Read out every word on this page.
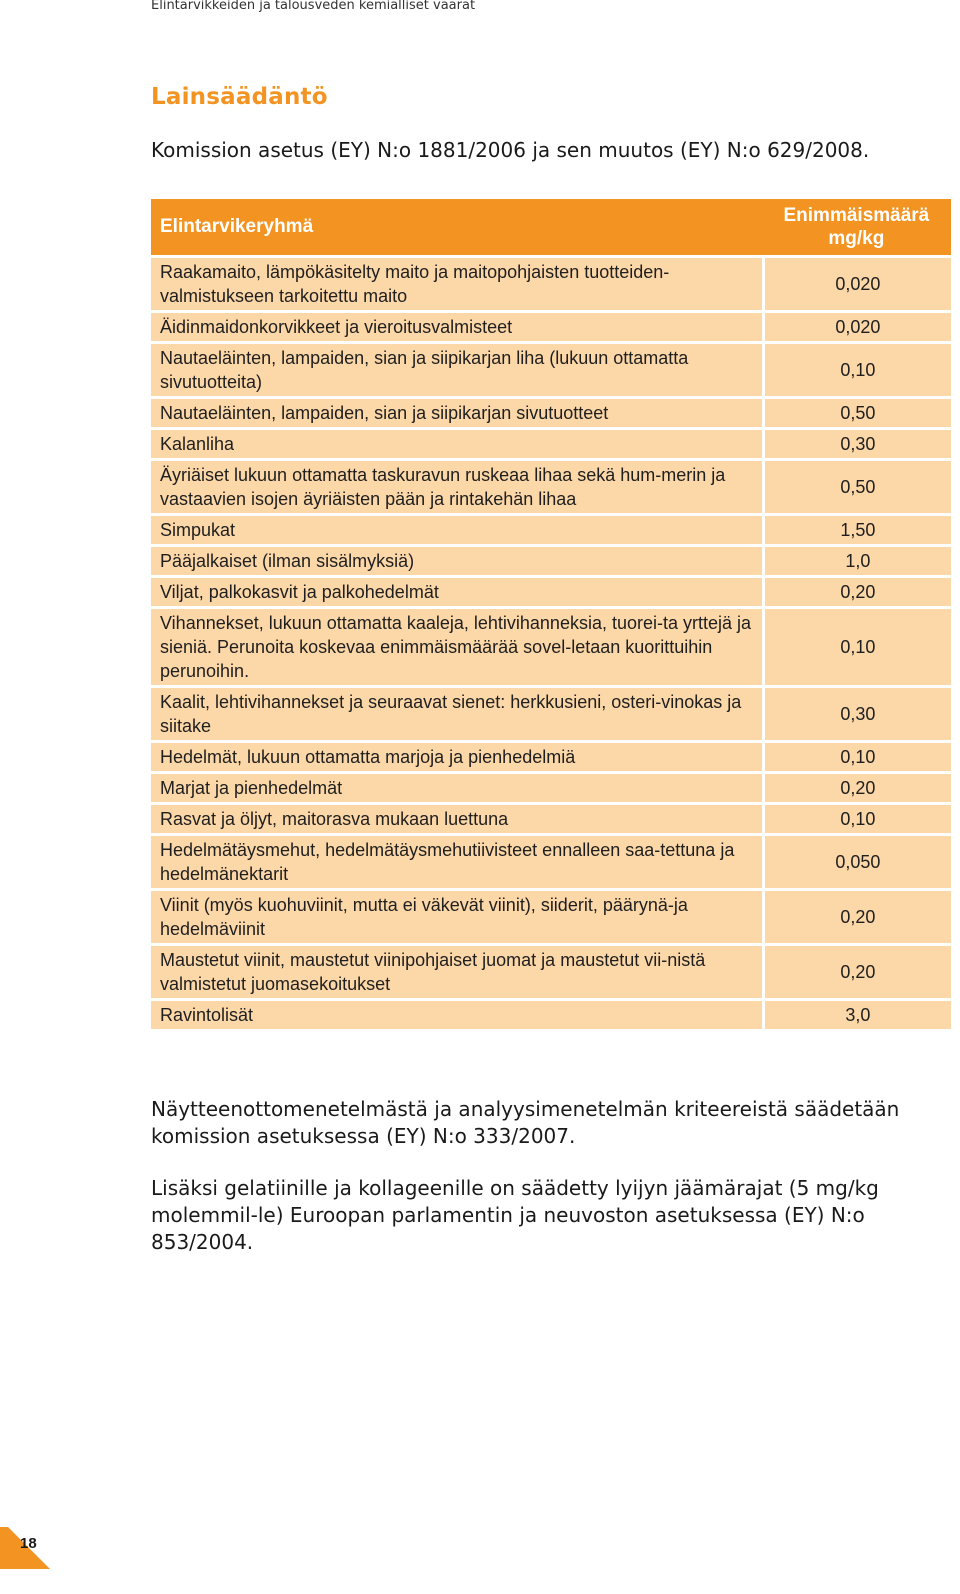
Elintarvikkeiden ja talousveden kemialliset vaarat
Lainsäädäntö
Komission asetus (EY) N:o 1881/2006 ja sen muutos (EY) N:o 629/2008.
Elintarvikeryhmä	Enimmäismäärä mg/kg
Raakamaito, lämpökäsitelty maito ja maitopohjaisten tuotteiden-valmistukseen tarkoitettu maito	0,020
Äidinmaidonkorvikkeet ja vieroitusvalmisteet	0,020
Nautaeläinten, lampaiden, sian ja siipikarjan liha (lukuun ottamatta sivutuotteita)	0,10
Nautaeläinten, lampaiden, sian ja siipikarjan sivutuotteet	0,50
Kalanliha	0,30
Äyriäiset lukuun ottamatta taskuravun ruskeaa lihaa sekä hum-merin ja vastaavien isojen äyriäisten pään ja rintakehän lihaa	0,50
Simpukat	1,50
Pääjalkaiset (ilman sisälmyksiä)	1,0
Viljat, palkokasvit ja palkohedelmät	0,20
Vihannekset, lukuun ottamatta kaaleja, lehtivihanneksia, tuorei-ta yrttejä ja sieniä. Perunoita koskevaa enimmäismäärää sovel-letaan kuorittuihin perunoihin.	0,10
Kaalit, lehtivihannekset ja seuraavat sienet: herkkusieni, osteri-vinokas ja siitake	0,30
Hedelmät, lukuun ottamatta marjoja ja pienhedelmiä	0,10
Marjat ja pienhedelmät	0,20
Rasvat ja öljyt, maitorasva mukaan luettuna	0,10
Hedelmätäysmehut, hedelmätäysmehutiivisteet ennalleen saa-tettuna ja hedelmänektarit	0,050
Viinit (myös kuohuviinit, mutta ei väkevät viinit), siiderit, päärynä-ja hedelmäviinit	0,20
Maustetut viinit, maustetut viinipohjaiset juomat ja maustetut vii-nistä valmistetut juomasekoitukset	0,20
Ravintolisät	3,0

Näytteenottomenetelmästä ja analyysimenetelmän kriteereistä säädetään komission asetuksessa (EY) N:o 333/2007.

Lisäksi gelatiinille ja kollageenille on säädetty lyijyn jäämärajat (5 mg/kg molemmil-le) Euroopan parlamentin ja neuvoston asetuksessa (EY) N:o 853/2004.

18
